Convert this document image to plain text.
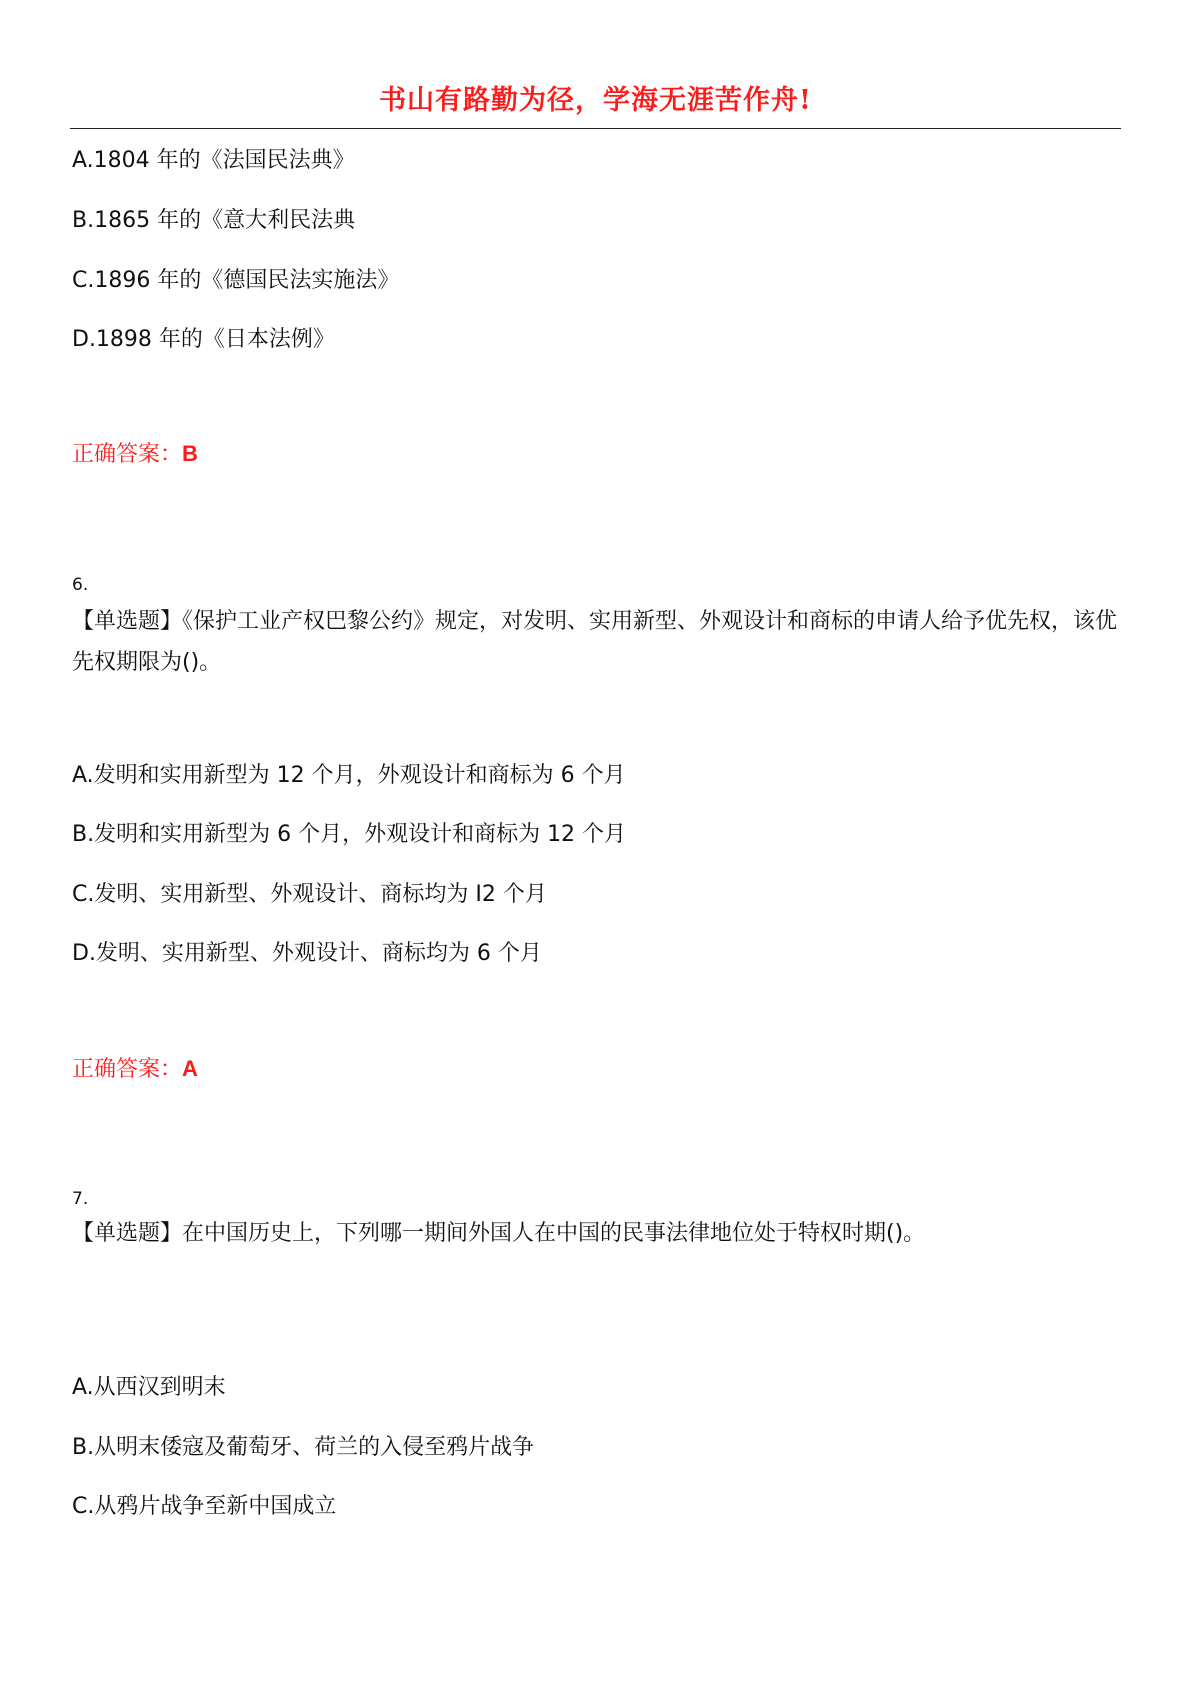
书山有路勤为径，学海无涯苦作舟!
A.1804 年的《法国民法典》
B.1865 年的《意大利民法典
C.1896 年的《德国民法实施法》
D.1898 年的《日本法例》
正确答案：B
6.
【单选题】《保护工业产权巴黎公约》规定，对发明、实用新型、外观设计和商标的申请人给予优先权，该优先权期限为()。
A.发明和实用新型为 12 个月，外观设计和商标为 6 个月
B.发明和实用新型为 6 个月，外观设计和商标为 12 个月
C.发明、实用新型、外观设计、商标均为 I2 个月
D.发明、实用新型、外观设计、商标均为 6 个月
正确答案：A
7.
【单选题】在中国历史上，下列哪一期间外国人在中国的民事法律地位处于特权时期()。
A.从西汉到明末
B.从明末倭寇及葡萄牙、荷兰的入侵至鸦片战争
C.从鸦片战争至新中国成立
